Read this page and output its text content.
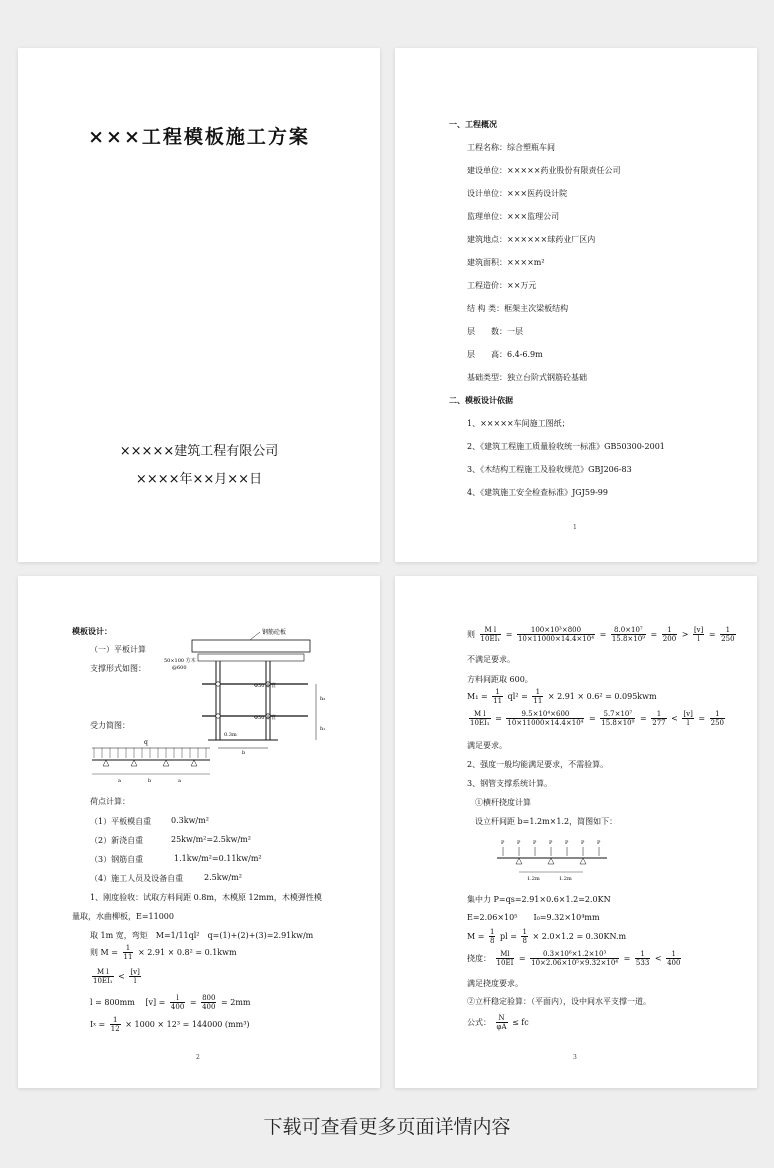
×××工程模板施工方案
×××××建筑工程有限公司
××××年××月××日
一、工程概况
工程名称：综合塑瓶车间
建设单位：×××××药业股份有限责任公司
设计单位：×××医药设计院
监理单位：×××监理公司
建筑地点：××××××球药业厂区内
建筑面积：××××m²
工程造价：××万元
结 构 类：框架主次梁板结构
层　　数：一层
层　　高：6.4-6.9m
基础类型：独立台阶式钢筋砼基础
二、模板设计依据
1、×××××车间施工图纸；
2、《建筑工程施工质量验收统一标准》GB50300-2001
3、《木结构工程施工及验收规范》GBJ206-83
4、《建筑施工安全检查标准》JGJ59-99
1
模板设计：
（一）平板计算
支撑形式如图：
钢筋砼板
50×100 方木
@600
Φ50 钢管
Φ50 钢管
h₂
h₁
0.3m
b
受力简图：
q
a	b	a
荷点计算：
（1）平板模自重 0.3kw/m²
（2）新浇自重	25kw/m²=2.5kw/m²
（3）钢筋自重	1.1kw/m²=0.11kw/m²
（4）施工人员及设备自重	2.5kw/m²
1、刚度验收：试取方料间距 0.8m，木模原 12mm，木模弹性模
量取，水曲柳板，E=11000
取 1m 宽，弯矩　M=1/11ql²　q=(1)+(2)+(3)=2.91kw/m
则 $M = \frac{1}{11} \times 2.91 \times 0.8^2 = 0.1kwm$
$\frac{\text{M l}}{\text{10EI₁}} < \frac{[v]}{l}$
l = 800mm 　$[v] = \frac{l}{400} = \frac{800}{400} = 2mm$
$Ix = \frac{1}{12} \times 1000 \times 12^3 = 144000$ (mm³)
2
则 $\frac{\text{M l}}{\text{10EI₁}} = \frac{\text{100×10³×800}}{\text{10×11000×14.4×10⁴}} = \frac{\text{8.0×10⁷}}{\text{15.8×10⁹}} = \frac{1}{200} > \frac{[v]}{l} = \frac{1}{250}$
不满足要求。
方料间距取 600。
$M_1 = \frac{1}{11} ql^2 = \frac{1}{11} \times 2.91 \times 0.6^2 = 0.095kwm$
$\frac{\text{M l}}{\text{10EI₁}} = \frac{\text{9.5×10⁴×600}}{\text{10×11000×14.4×10⁴}} = \frac{\text{5.7×10⁷}}{\text{15.8×10⁹}} = \frac{1}{277} < \frac{[v]}{l} = \frac{1}{250}$
满足要求。
2、强度一般均能满足要求，不需验算。
3、钢管支撑系统计算。
①横杆挠度计算
设立杆间距 b=1.2m×1.2，简图如下：
P	P	P	P	P	P	P
1.2m	1.2m
集中力 P=qs=2.91×0.6×1.2=2.0KN
E=2.06×10⁵　　I₀=9.32×10⁴mm
$M = \frac{1}{8}$ pl = $\frac{1}{8} \times 2.0\times 1.2 = 0.30KN.m$
挠度： $\frac{Ml}{10EI} = \frac{\text{0.3×10⁶×1.2×10³}}{\text{10×2.06×10⁵×9.32×10⁴}} = \frac{1}{533} < \frac{1}{400}$
满足挠度要求。
②立杆稳定验算：（平面内），设中间水平支撑一道。
公式： $\frac{N}{\varphi A}$ ≤ fc
3
下载可查看更多页面详情内容
